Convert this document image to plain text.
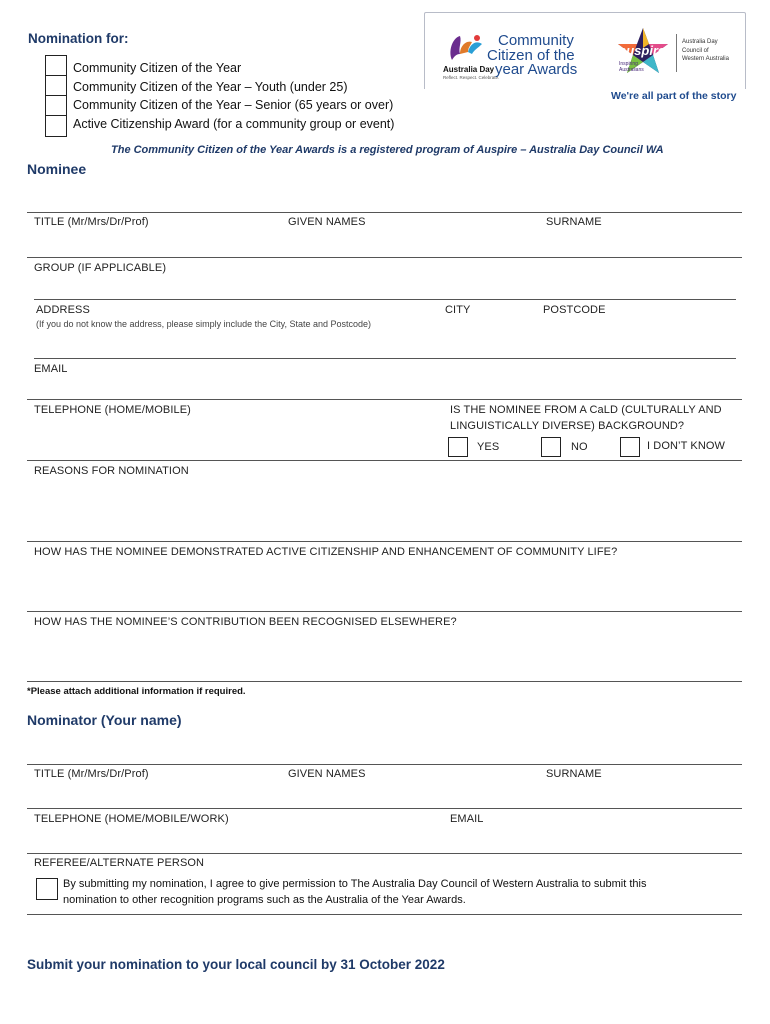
Nomination for:
Community Citizen of the Year
Community Citizen of the Year – Youth (under 25)
Community Citizen of the Year – Senior (65 years or over)
Active Citizenship Award (for a community group or event)
We're all part of the story
Australia Day
Reflect. Respect. Celebrate.
Community
Citizen of the
year Awards
auspire
Inspiring Australians
Australia Day
Council of
Western Australia
The Community Citizen of the Year Awards is a registered program of Auspire – Australia Day Council WA
Nominee
TITLE (Mr/Mrs/Dr/Prof)	GIVEN NAMES	SURNAME
GROUP (IF APPLICABLE)
ADDRESS
(If you do not know the address, please simply include the City, State and Postcode)
CITY	POSTCODE
EMAIL
TELEPHONE (HOME/MOBILE)	IS THE NOMINEE FROM A CaLD (CULTURALLY AND
LINGUISTICALLY DIVERSE) BACKGROUND?
YES	NO	I DON’T KNOW
REASONS FOR NOMINATION
HOW HAS THE NOMINEE DEMONSTRATED ACTIVE CITIZENSHIP AND ENHANCEMENT OF COMMUNITY LIFE?
HOW HAS THE NOMINEE’S CONTRIBUTION BEEN RECOGNISED ELSEWHERE?
*Please attach additional information if required.
Nominator (Your name)
TITLE (Mr/Mrs/Dr/Prof)	GIVEN NAMES	SURNAME
TELEPHONE (HOME/MOBILE/WORK)	EMAIL
REFEREE/ALTERNATE PERSON
By submitting my nomination, I agree to give permission to The Australia Day Council of Western Australia to submit this
nomination to other recognition programs such as the Australia of the Year Awards.
Submit your nomination to your local council by 31 October 2022
